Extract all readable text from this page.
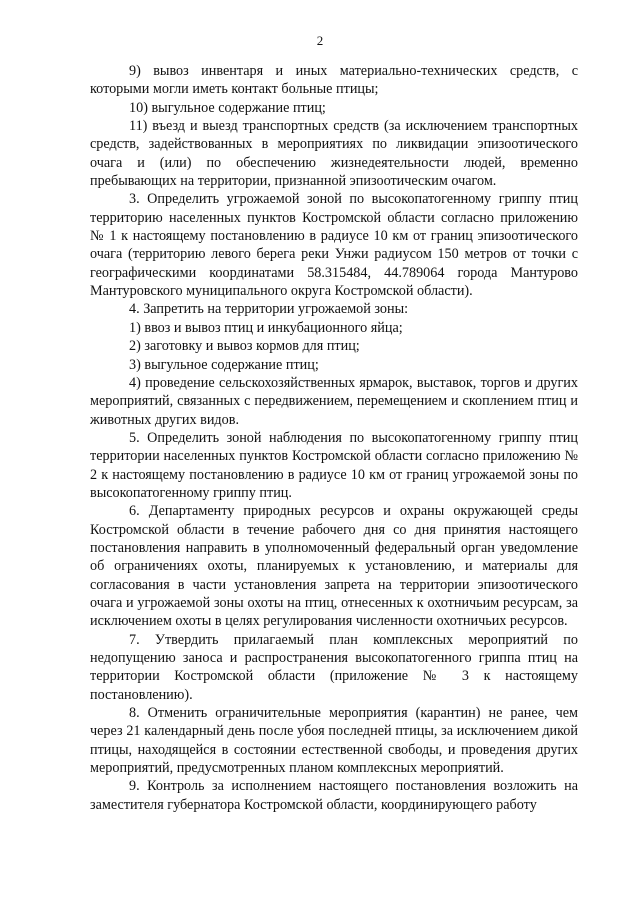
2

9) вывоз инвентаря и иных материально-технических средств, с которыми могли иметь контакт больные птицы;

10) выгульное содержание птиц;

11) въезд и выезд транспортных средств (за исключением транспортных средств, задействованных в мероприятиях по ликвидации эпизоотического очага и (или) по обеспечению жизнедеятельности людей, временно пребывающих на территории, признанной эпизоотическим очагом.

3. Определить угрожаемой зоной по высокопатогенному гриппу птиц территорию населенных пунктов Костромской области согласно приложению № 1 к настоящему постановлению в радиусе 10 км от границ эпизоотического очага (территорию левого берега реки Унжи радиусом 150 метров от точки с географическими координатами 58.315484, 44.789064 города Мантурово Мантуровского муниципального округа Костромской области).

4. Запретить на территории угрожаемой зоны:

1) ввоз и вывоз птиц и инкубационного яйца;

2) заготовку и вывоз кормов для птиц;

3) выгульное содержание птиц;

4) проведение сельскохозяйственных ярмарок, выставок, торгов и других мероприятий, связанных с передвижением, перемещением и скоплением птиц и животных других видов.

5. Определить зоной наблюдения по высокопатогенному гриппу птиц территории населенных пунктов Костромской области согласно приложению № 2 к настоящему постановлению в радиусе 10 км от границ угрожаемой зоны по высокопатогенному гриппу птиц.

6. Департаменту природных ресурсов и охраны окружающей среды Костромской области в течение рабочего дня со дня принятия настоящего постановления направить в уполномоченный федеральный орган уведомление об ограничениях охоты, планируемых к установлению, и материалы для согласования в части установления запрета на территории эпизоотического очага и угрожаемой зоны охоты на птиц, отнесенных к охотничьим ресурсам, за исключением охоты в целях регулирования численности охотничьих ресурсов.

7. Утвердить прилагаемый план комплексных мероприятий по недопущению заноса и распространения высокопатогенного гриппа птиц на территории Костромской области (приложение № 3 к настоящему постановлению).

8. Отменить ограничительные мероприятия (карантин) не ранее, чем через 21 календарный день после убоя последней птицы, за исключением дикой птицы, находящейся в состоянии естественной свободы, и проведения других мероприятий, предусмотренных планом комплексных мероприятий.

9. Контроль за исполнением настоящего постановления возложить на заместителя губернатора Костромской области, координирующего работу
